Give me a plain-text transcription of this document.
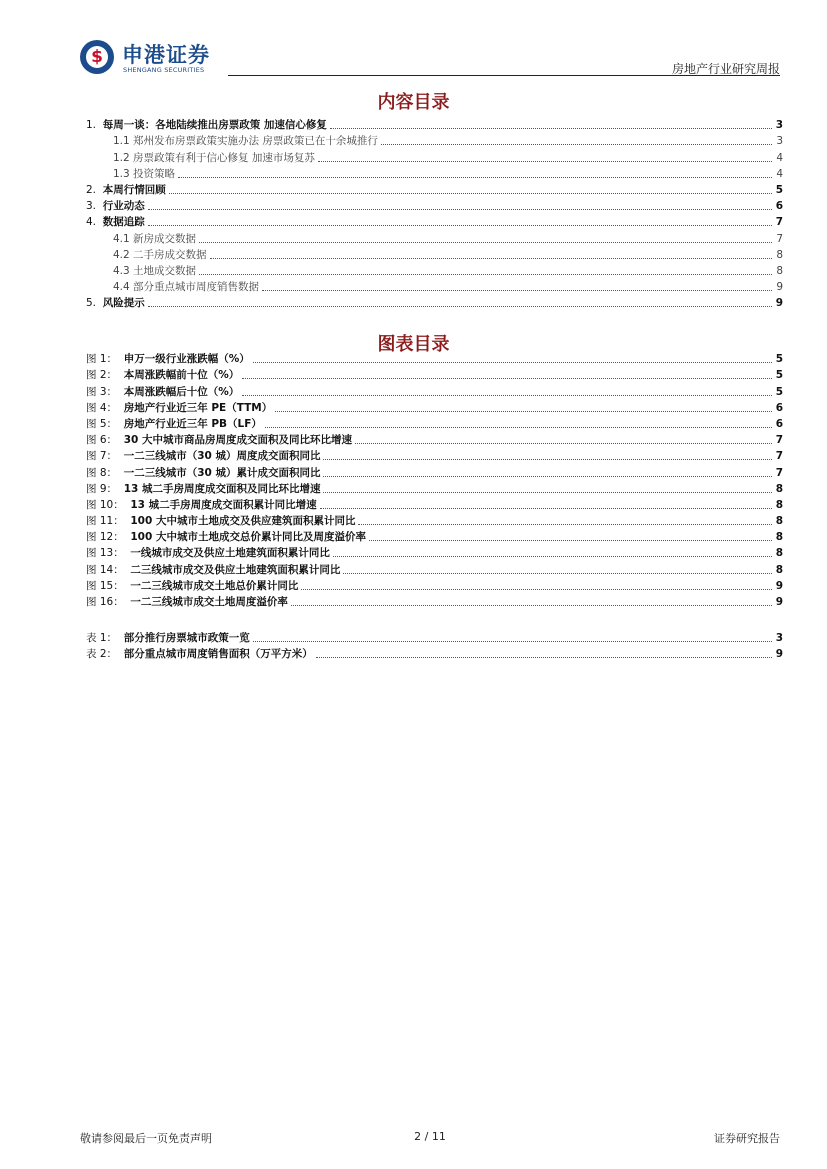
$ 申港证券
SHENGANG SECURITIES	房地产行业研究周报
内容目录
1. 每周一谈：各地陆续推出房票政策 加速信心修复	3
1.1 郑州发布房票政策实施办法 房票政策已在十余城推行	3
1.2 房票政策有利于信心修复 加速市场复苏	4
1.3 投资策略	4
2. 本周行情回顾	5
3. 行业动态	6
4. 数据追踪	7
4.1 新房成交数据	7
4.2 二手房成交数据	8
4.3 土地成交数据	8
4.4 部分重点城市周度销售数据	9
5. 风险提示	9
图表目录
图 1： 申万一级行业涨跌幅（%）	5
图 2： 本周涨跌幅前十位（%）	5
图 3： 本周涨跌幅后十位（%）	5
图 4： 房地产行业近三年 PE（TTM）	6
图 5： 房地产行业近三年 PB（LF）	6
图 6： 30 大中城市商品房周度成交面积及同比环比增速	7
图 7： 一二三线城市（30 城）周度成交面积同比	7
图 8： 一二三线城市（30 城）累计成交面积同比	7
图 9： 13 城二手房周度成交面积及同比环比增速	8
图 10： 13 城二手房周度成交面积累计同比增速	8
图 11： 100 大中城市土地成交及供应建筑面积累计同比	8
图 12： 100 大中城市土地成交总价累计同比及周度溢价率	8
图 13： 一线城市成交及供应土地建筑面积累计同比	8
图 14： 二三线城市成交及供应土地建筑面积累计同比	8
图 15： 一二三线城市成交土地总价累计同比	9
图 16： 一二三线城市成交土地周度溢价率	9
表 1： 部分推行房票城市政策一览	3
表 2： 部分重点城市周度销售面积（万平方米）	9
敬请参阅最后一页免责声明	2 / 11	证券研究报告
